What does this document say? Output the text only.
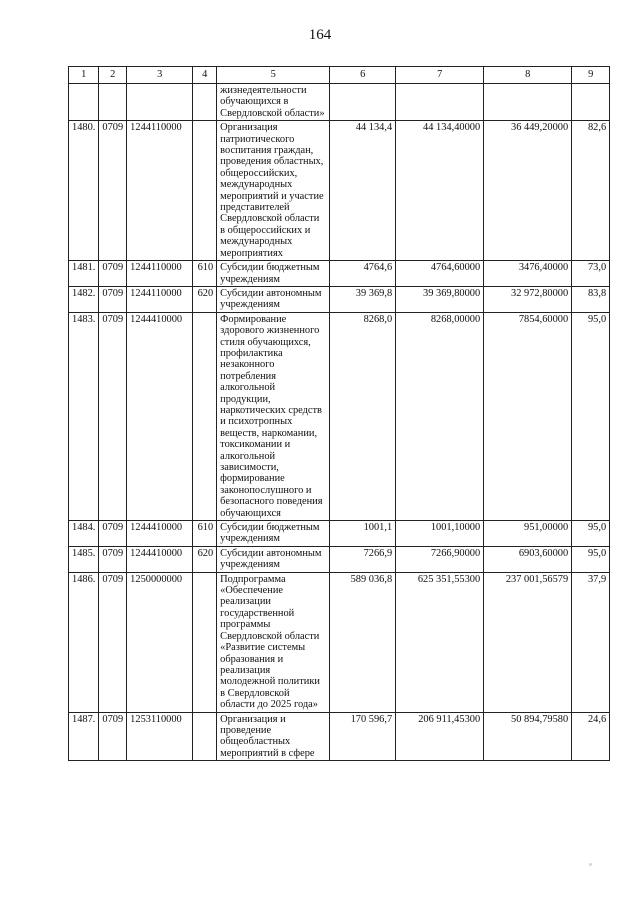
164
1	2	3	4	5	6	7	8	9
				жизнедеятельности обучающихся в Свердловской области»				
1480.	0709	1244110000		Организация патриотического воспитания граждан, проведения областных, общероссийских, международных мероприятий и участие представителей Свердловской области в общероссийских и международных мероприятиях	44 134,4	44 134,40000	36 449,20000	82,6
1481.	0709	1244110000	610	Субсидии бюджетным учреждениям	4764,6	4764,60000	3476,40000	73,0
1482.	0709	1244110000	620	Субсидии автономным учреждениям	39 369,8	39 369,80000	32 972,80000	83,8
1483.	0709	1244410000		Формирование здорового жизненного стиля обучающихся, профилактика незаконного потребления алкогольной продукции, наркотических средств и психотропных веществ, наркомании, токсикомании и алкогольной зависимости, формирование законопослушного и безопасного поведения обучающихся	8268,0	8268,00000	7854,60000	95,0
1484.	0709	1244410000	610	Субсидии бюджетным учреждениям	1001,1	1001,10000	951,00000	95,0
1485.	0709	1244410000	620	Субсидии автономным учреждениям	7266,9	7266,90000	6903,60000	95,0
1486.	0709	1250000000		Подпрограмма «Обеспечение реализации государственной программы Свердловской области «Развитие системы образования и реализация молодежной политики в Свердловской области до 2025 года»	589 036,8	625 351,55300	237 001,56579	37,9
1487.	0709	1253110000		Организация и проведение общеобластных мероприятий в сфере	170 596,7	206 911,45300	50 894,79580	24,6
